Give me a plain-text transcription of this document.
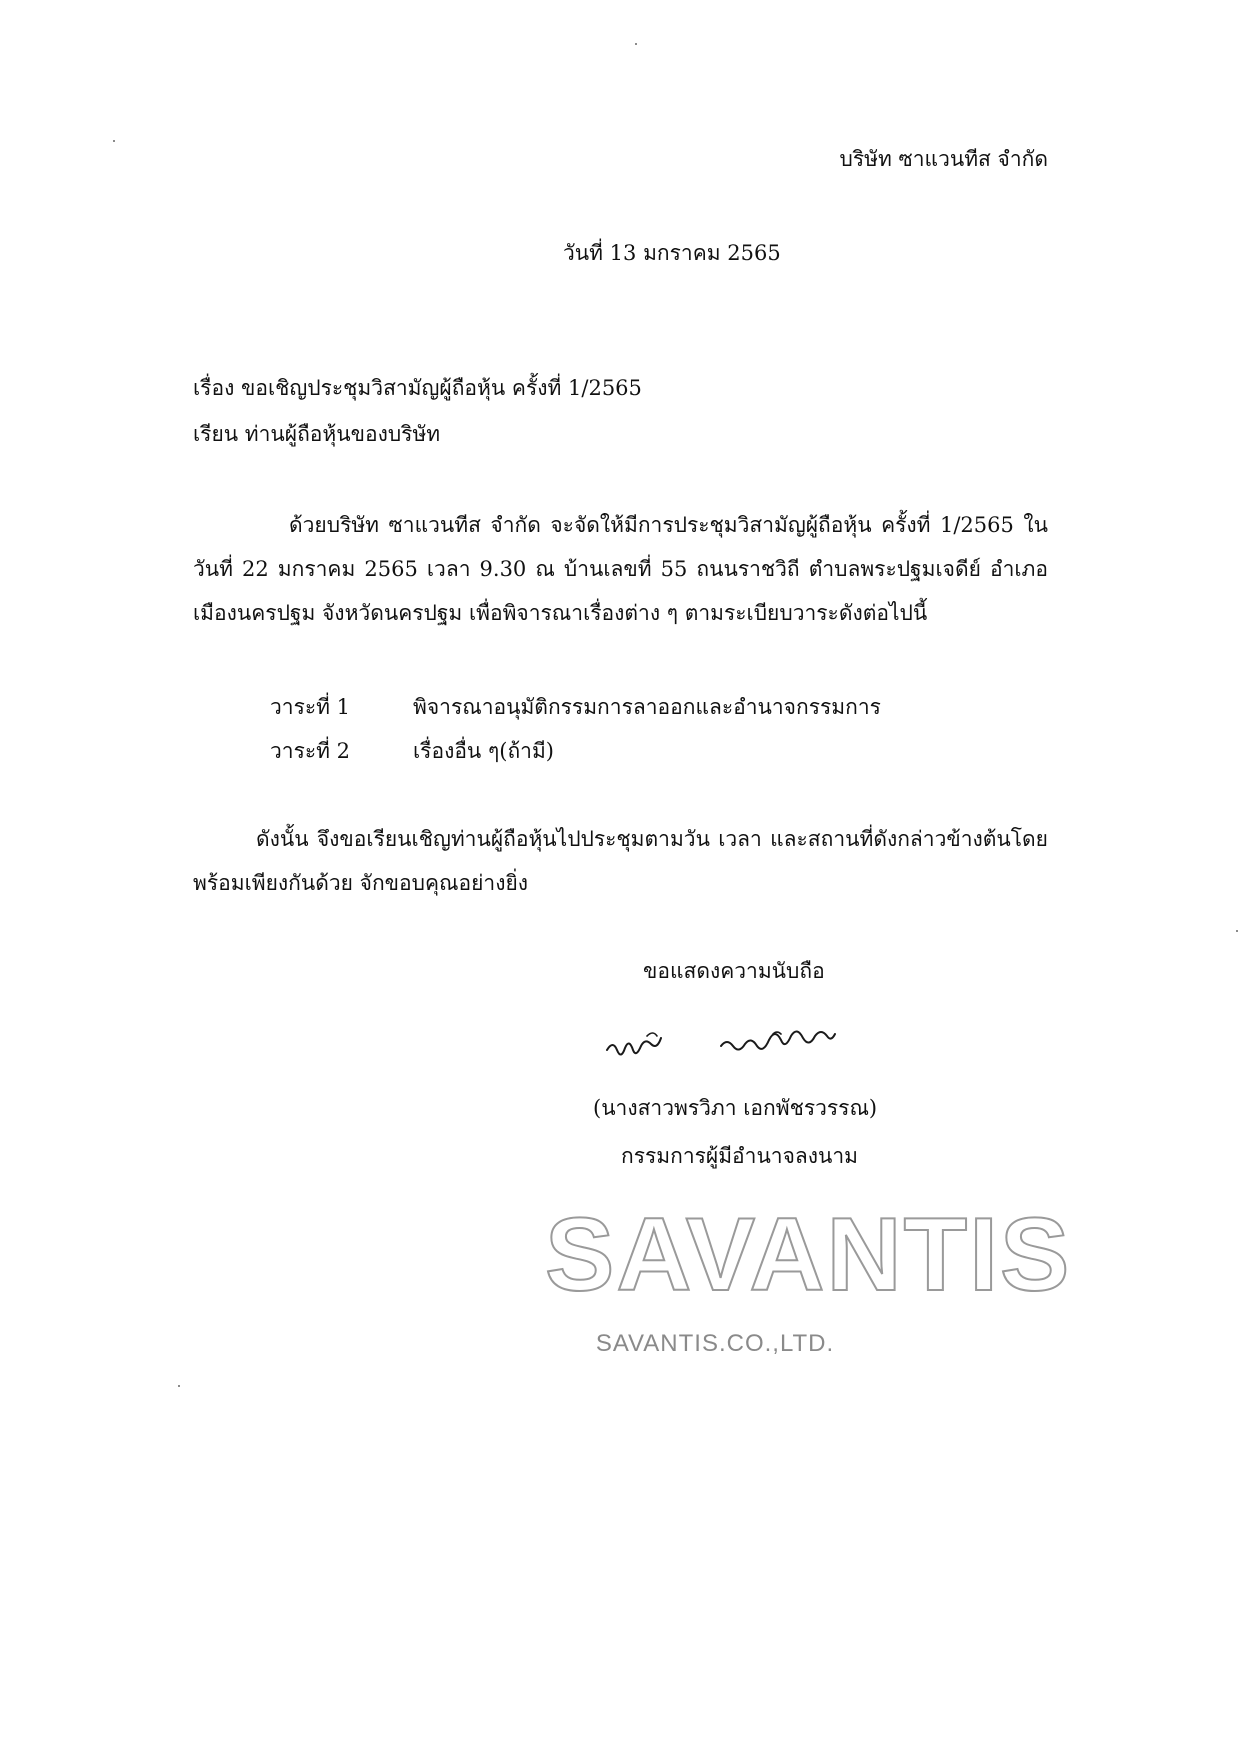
บริษัท ซาแวนทีส จำกัด
วันที่ 13 มกราคม 2565
เรื่อง ขอเชิญประชุมวิสามัญผู้ถือหุ้น ครั้งที่ 1/2565
เรียน ท่านผู้ถือหุ้นของบริษัท
ด้วยบริษัท ซาแวนทีส จำกัด จะจัดให้มีการประชุมวิสามัญผู้ถือหุ้น ครั้งที่ 1/2565 ในวันที่ 22 มกราคม 2565 เวลา 9.30 ณ บ้านเลขที่ 55 ถนนราชวิถี ตำบลพระปฐมเจดีย์ อำเภอเมืองนครปฐม จังหวัดนครปฐม เพื่อพิจารณาเรื่องต่าง ๆ ตามระเบียบวาระดังต่อไปนี้
วาระที่ 1	พิจารณาอนุมัติกรรมการลาออกและอำนาจกรรมการ
วาระที่ 2	เรื่องอื่น ๆ(ถ้ามี)
ดังนั้น จึงขอเรียนเชิญท่านผู้ถือหุ้นไปประชุมตามวัน เวลา และสถานที่ดังกล่าวข้างต้นโดยพร้อมเพียงกันด้วย จักขอบคุณอย่างยิ่ง
ขอแสดงความนับถือ
(นางสาวพรวิภา เอกพัชรวรรณ)
กรรมการผู้มีอำนาจลงนาม
SAVANTIS
SAVANTIS.CO.,LTD.
